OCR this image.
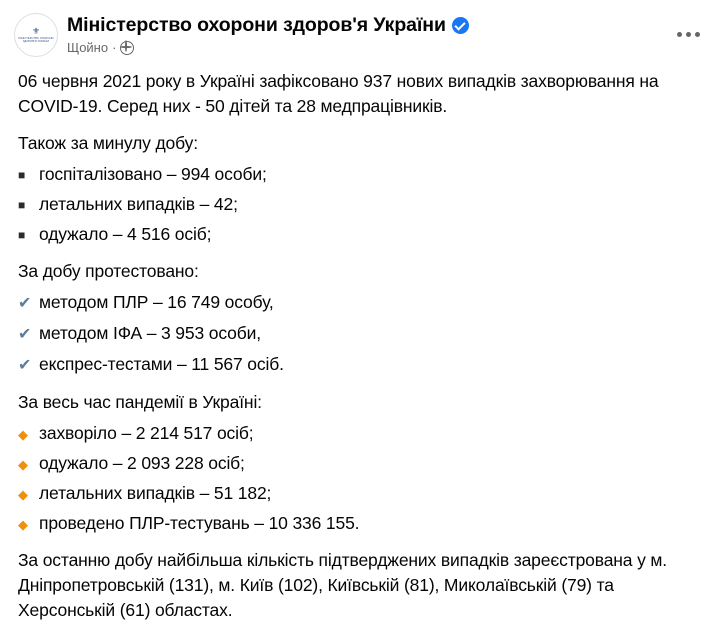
⚜
МІНІСТЕРСТВО ОХОРОНИ ЗДОРОВ'Я УКРАЇНИ
Міністерство охорони здоров'я України
Щойно ·

06 червня 2021 року в Україні зафіксовано 937 нових випадків захворювання на COVID-19. Серед них - 50 дітей та 28 медпрацівників.

Також за минулу добу:

■ госпіталізовано – 994 особи;
■ летальних випадків – 42;
■ одужало – 4 516 осіб;

За добу протестовано:

✔ методом ПЛР – 16 749 особу,
✔ методом ІФА – 3 953 особи,
✔ експрес-тестами – 11 567 осіб.

За весь час пандемії в Україні:

◆ захворіло – 2 214 517 осіб;
◆ одужало – 2 093 228 осіб;
◆ летальних випадків – 51 182;
◆ проведено ПЛР-тестувань – 10 336 155.

За останню добу найбільша кількість підтверджених випадків зареєстрована у м. Дніпропетровській (131), м. Київ (102), Київській (81), Миколаївській (79) та Херсонській (61) областах.
